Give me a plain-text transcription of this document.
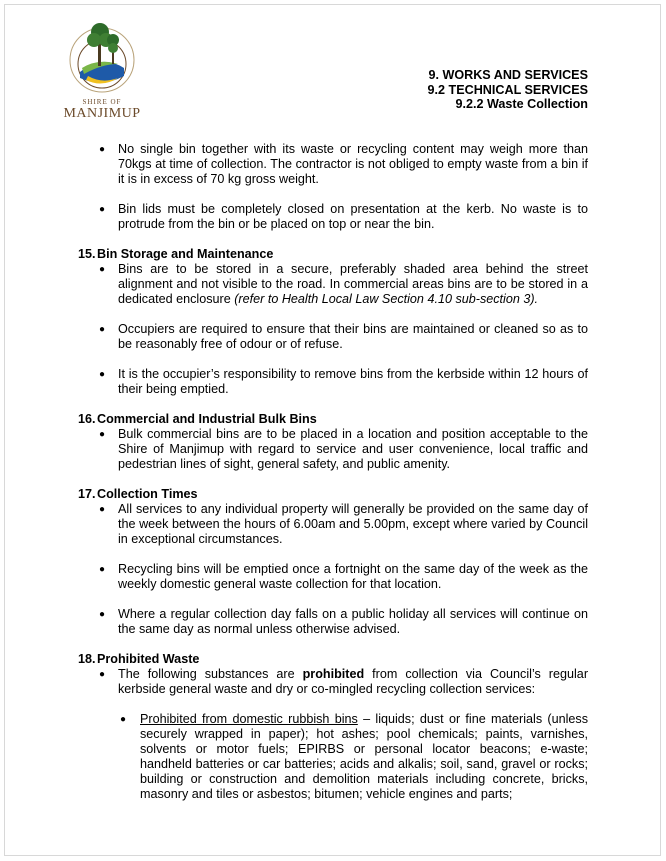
SHIRE OF
MANJIMUP
9. WORKS AND SERVICES
9.2 TECHNICAL SERVICES
9.2.2 Waste Collection
● No single bin together with its waste or recycling content may weigh more than 70kgs at time of collection. The contractor is not obliged to empty waste from a bin if it is in excess of 70 kg gross weight.
● Bin lids must be completely closed on presentation at the kerb. No waste is to protrude from the bin or be placed on top or near the bin.
15. Bin Storage and Maintenance
● Bins are to be stored in a secure, preferably shaded area behind the street alignment and not visible to the road. In commercial areas bins are to be stored in a dedicated enclosure (refer to Health Local Law Section 4.10 sub-section 3).
● Occupiers are required to ensure that their bins are maintained or cleaned so as to be reasonably free of odour or of refuse.
● It is the occupier’s responsibility to remove bins from the kerbside within 12 hours of their being emptied.
16. Commercial and Industrial Bulk Bins
● Bulk commercial bins are to be placed in a location and position acceptable to the Shire of Manjimup with regard to service and user convenience, local traffic and pedestrian lines of sight, general safety, and public amenity.
17. Collection Times
● All services to any individual property will generally be provided on the same day of the week between the hours of 6.00am and 5.00pm, except where varied by Council in exceptional circumstances.
● Recycling bins will be emptied once a fortnight on the same day of the week as the weekly domestic general waste collection for that location.
● Where a regular collection day falls on a public holiday all services will continue on the same day as normal unless otherwise advised.
18. Prohibited Waste
● The following substances are prohibited from collection via Council’s regular kerbside general waste and dry or co-mingled recycling collection services:
● Prohibited from domestic rubbish bins – liquids; dust or fine materials (unless securely wrapped in paper); hot ashes; pool chemicals; paints, varnishes, solvents or motor fuels; EPIRBS or personal locator beacons; e-waste; handheld batteries or car batteries; acids and alkalis; soil, sand, gravel or rocks; building or construction and demolition materials including concrete, bricks, masonry and tiles or asbestos; bitumen; vehicle engines and parts;
